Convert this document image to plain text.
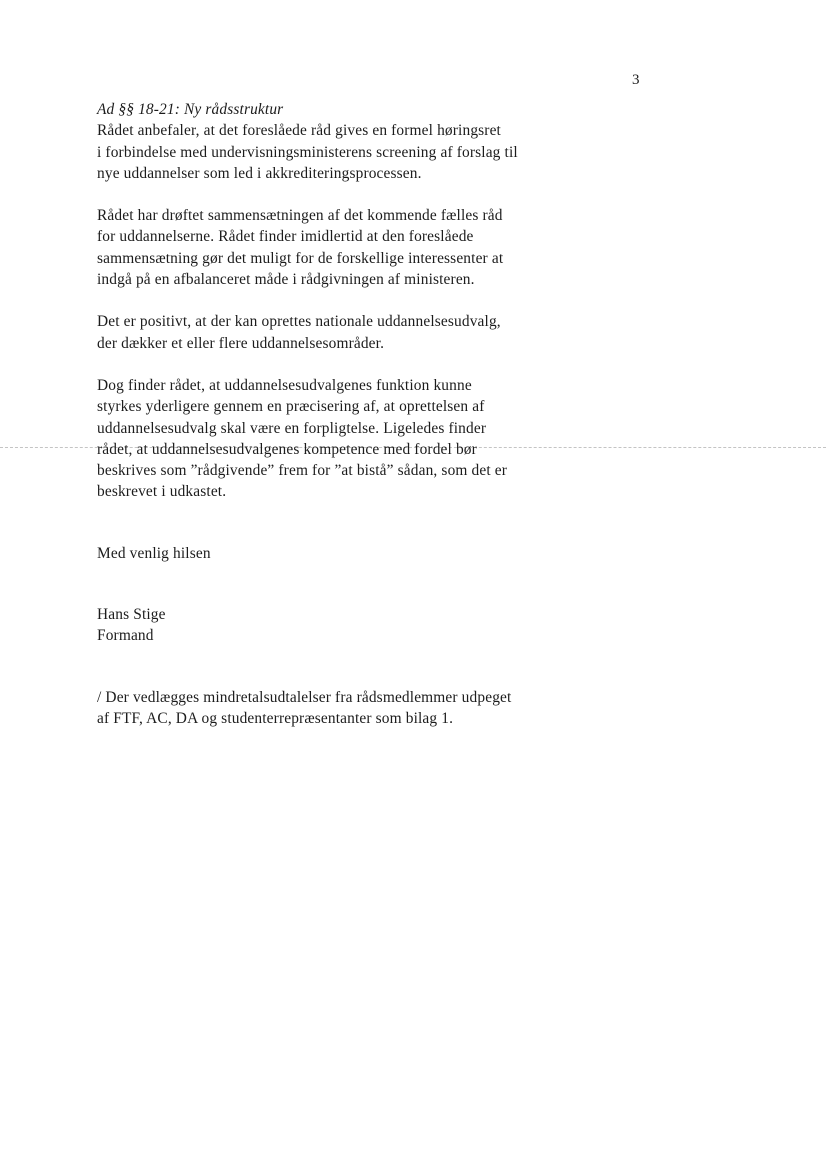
3

Ad §§ 18-21: Ny rådsstruktur

Rådet anbefaler, at det foreslåede råd gives en formel høringsret

i forbindelse med undervisningsministerens screening af forslag til

nye uddannelser som led i akkrediteringsprocessen.

Rådet har drøftet sammensætningen af det kommende fælles råd

for uddannelserne. Rådet finder imidlertid at den foreslåede

sammensætning gør det muligt for de forskellige interessenter at

indgå på en afbalanceret måde i rådgivningen af ministeren.

Det er positivt, at der kan oprettes nationale uddannelsesudvalg,

der dækker et eller flere uddannelsesområder.

Dog finder rådet, at uddannelsesudvalgenes funktion kunne

styrkes yderligere gennem en præcisering af, at oprettelsen af

uddannelsesudvalg skal være en forpligtelse. Ligeledes finder

rådet, at uddannelsesudvalgenes kompetence med fordel bør

beskrives som ”rådgivende” frem for ”at bistå” sådan, som det er

beskrevet i udkastet.

Med venlig hilsen

Hans Stige

Formand

/ Der vedlægges mindretalsudtalelser fra rådsmedlemmer udpeget

af FTF, AC, DA og studenterrepræsentanter som bilag 1.
